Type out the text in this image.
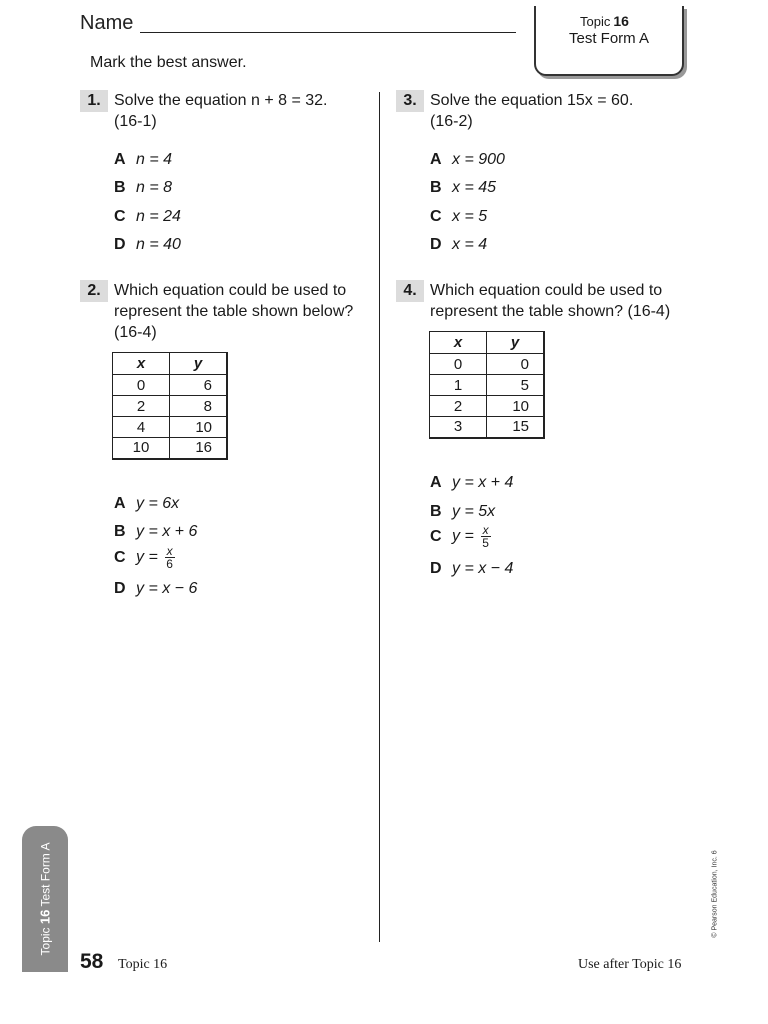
Name	Topic 16
Test Form A
Mark the best answer.
1. Solve the equation n + 8 = 32.
(16-1)
A n = 4
B n = 8
C n = 24
D n = 40
2. Which equation could be used to
represent the table shown below?
(16-4)
A y = 6x
B y = x + 6
C $y = \frac{x}{6}$
D y = x − 6
x	y
0	6
2	8
4	10
10	16
3. Solve the equation 15x = 60.
(16-2)
A x = 900
B x = 45
C x = 5
D x = 4
4. Which equation could be used to
represent the table shown? (16-4)
A y = x + 4
B y = 5x
C $y = \frac{x}{5}$
D y = x − 4
x	y
0	0
1	5
2	10
3	15
Topic 16 Test Form A
58 Topic 16	Use after Topic 16
© Pearson Education, Inc. 6
